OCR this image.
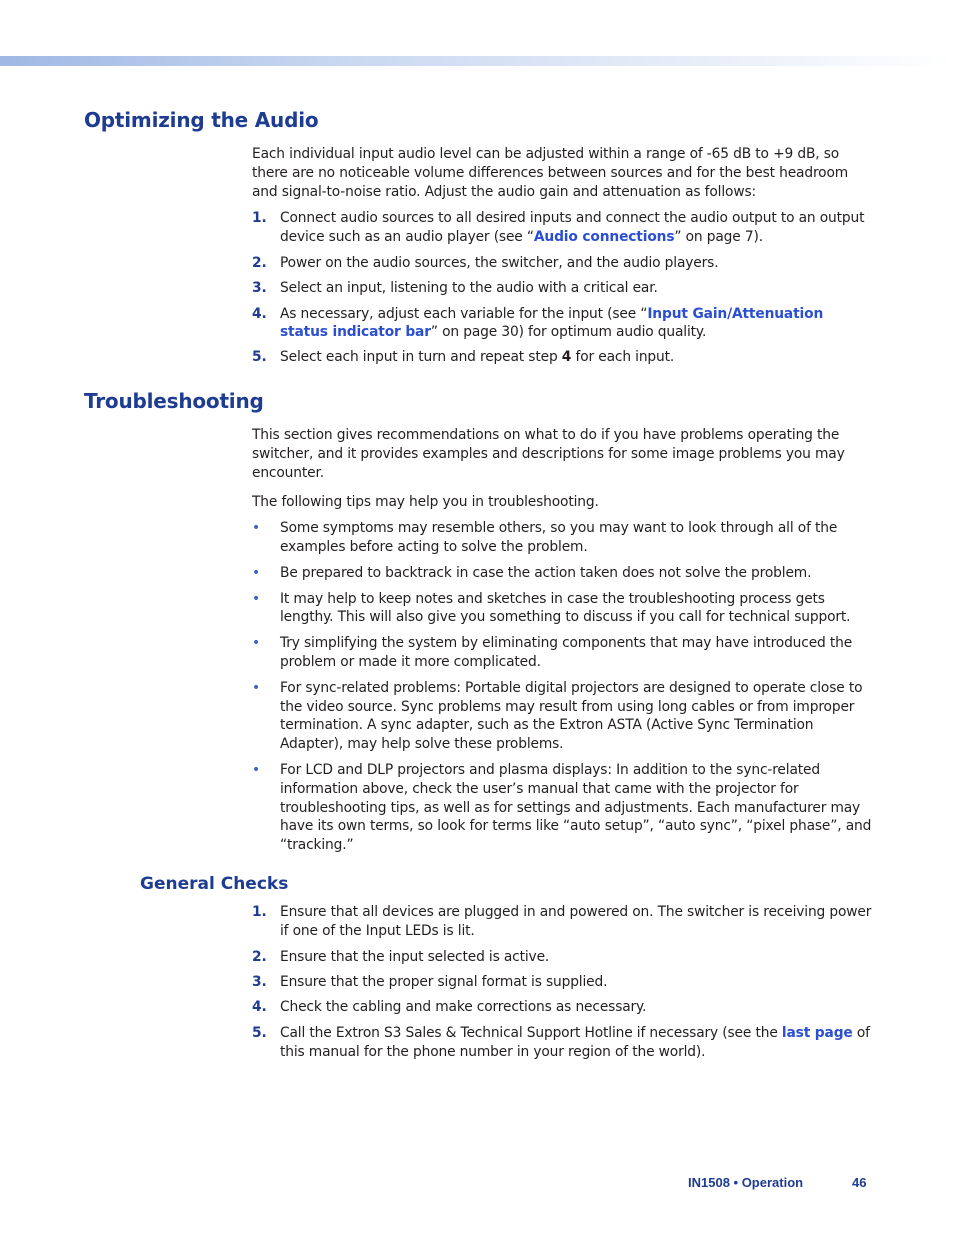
Optimizing the Audio

Each individual input audio level can be adjusted within a range of -65 dB to +9 dB, so there are no noticeable volume differences between sources and for the best headroom and signal-to-noise ratio. Adjust the audio gain and attenuation as follows:

1. Connect audio sources to all desired inputs and connect the audio output to an output device such as an audio player (see “Audio connections” on page 7).
2. Power on the audio sources, the switcher, and the audio players.
3. Select an input, listening to the audio with a critical ear.
4. As necessary, adjust each variable for the input (see “Input Gain/Attenuation status indicator bar” on page 30) for optimum audio quality.
5. Select each input in turn and repeat step 4 for each input.
Troubleshooting

This section gives recommendations on what to do if you have problems operating the switcher, and it provides examples and descriptions for some image problems you may encounter.

The following tips may help you in troubleshooting.

• Some symptoms may resemble others, so you may want to look through all of the examples before acting to solve the problem.
• Be prepared to backtrack in case the action taken does not solve the problem.
• It may help to keep notes and sketches in case the troubleshooting process gets lengthy. This will also give you something to discuss if you call for technical support.
• Try simplifying the system by eliminating components that may have introduced the problem or made it more complicated.
• For sync-related problems: Portable digital projectors are designed to operate close to the video source. Sync problems may result from using long cables or from improper termination. A sync adapter, such as the Extron ASTA (Active Sync Termination Adapter), may help solve these problems.
• For LCD and DLP projectors and plasma displays: In addition to the sync-related information above, check the user’s manual that came with the projector for troubleshooting tips, as well as for settings and adjustments. Each manufacturer may have its own terms, so look for terms like “auto setup”, “auto sync”, “pixel phase”, and “tracking.”
General Checks
1. Ensure that all devices are plugged in and powered on. The switcher is receiving power if one of the Input LEDs is lit.
2. Ensure that the input selected is active.
3. Ensure that the proper signal format is supplied.
4. Check the cabling and make corrections as necessary.
5. Call the Extron S3 Sales & Technical Support Hotline if necessary (see the last page of this manual for the phone number in your region of the world).
IN1508 • Operation	46
